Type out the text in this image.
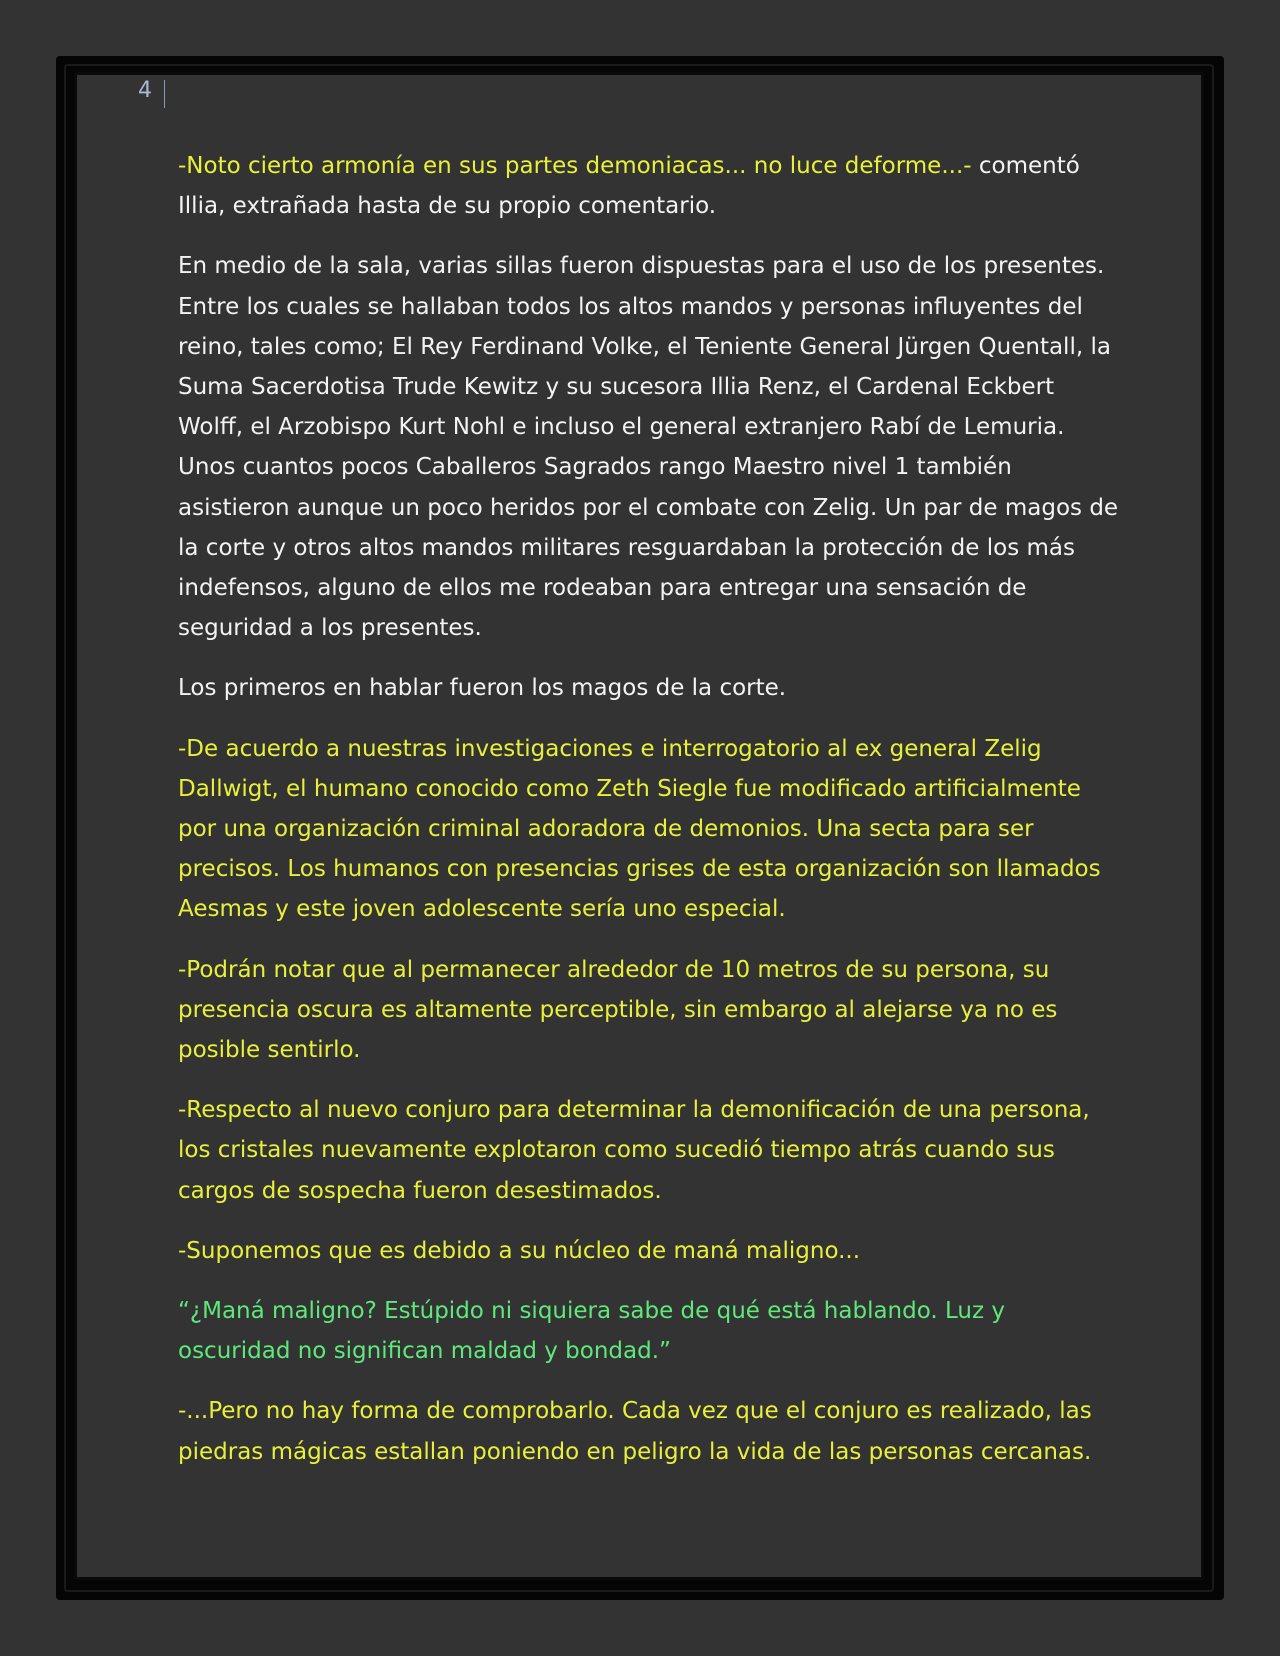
4

-Noto cierto armonía en sus partes demoniacas... no luce deforme...- comentó Illia, extrañada hasta de su propio comentario.

En medio de la sala, varias sillas fueron dispuestas para el uso de los presentes. Entre los cuales se hallaban todos los altos mandos y personas influyentes del reino, tales como; El Rey Ferdinand Volke, el Teniente General Jürgen Quentall, la Suma Sacerdotisa Trude Kewitz y su sucesora Illia Renz, el Cardenal Eckbert Wolff, el Arzobispo Kurt Nohl e incluso el general extranjero Rabí de Lemuria. Unos cuantos pocos Caballeros Sagrados rango Maestro nivel 1 también asistieron aunque un poco heridos por el combate con Zelig. Un par de magos de la corte y otros altos mandos militares resguardaban la protección de los más indefensos, alguno de ellos me rodeaban para entregar una sensación de seguridad a los presentes.

Los primeros en hablar fueron los magos de la corte.

-De acuerdo a nuestras investigaciones e interrogatorio al ex general Zelig Dallwigt, el humano conocido como Zeth Siegle fue modificado artificialmente por una organización criminal adoradora de demonios. Una secta para ser precisos. Los humanos con presencias grises de esta organización son llamados Aesmas y este joven adolescente sería uno especial.

-Podrán notar que al permanecer alrededor de 10 metros de su persona, su presencia oscura es altamente perceptible, sin embargo al alejarse ya no es posible sentirlo.

-Respecto al nuevo conjuro para determinar la demonificación de una persona, los cristales nuevamente explotaron como sucedió tiempo atrás cuando sus cargos de sospecha fueron desestimados.

-Suponemos que es debido a su núcleo de maná maligno...

“¿Maná maligno? Estúpido ni siquiera sabe de qué está hablando. Luz y oscuridad no significan maldad y bondad.”

-...Pero no hay forma de comprobarlo. Cada vez que el conjuro es realizado, las piedras mágicas estallan poniendo en peligro la vida de las personas cercanas.
